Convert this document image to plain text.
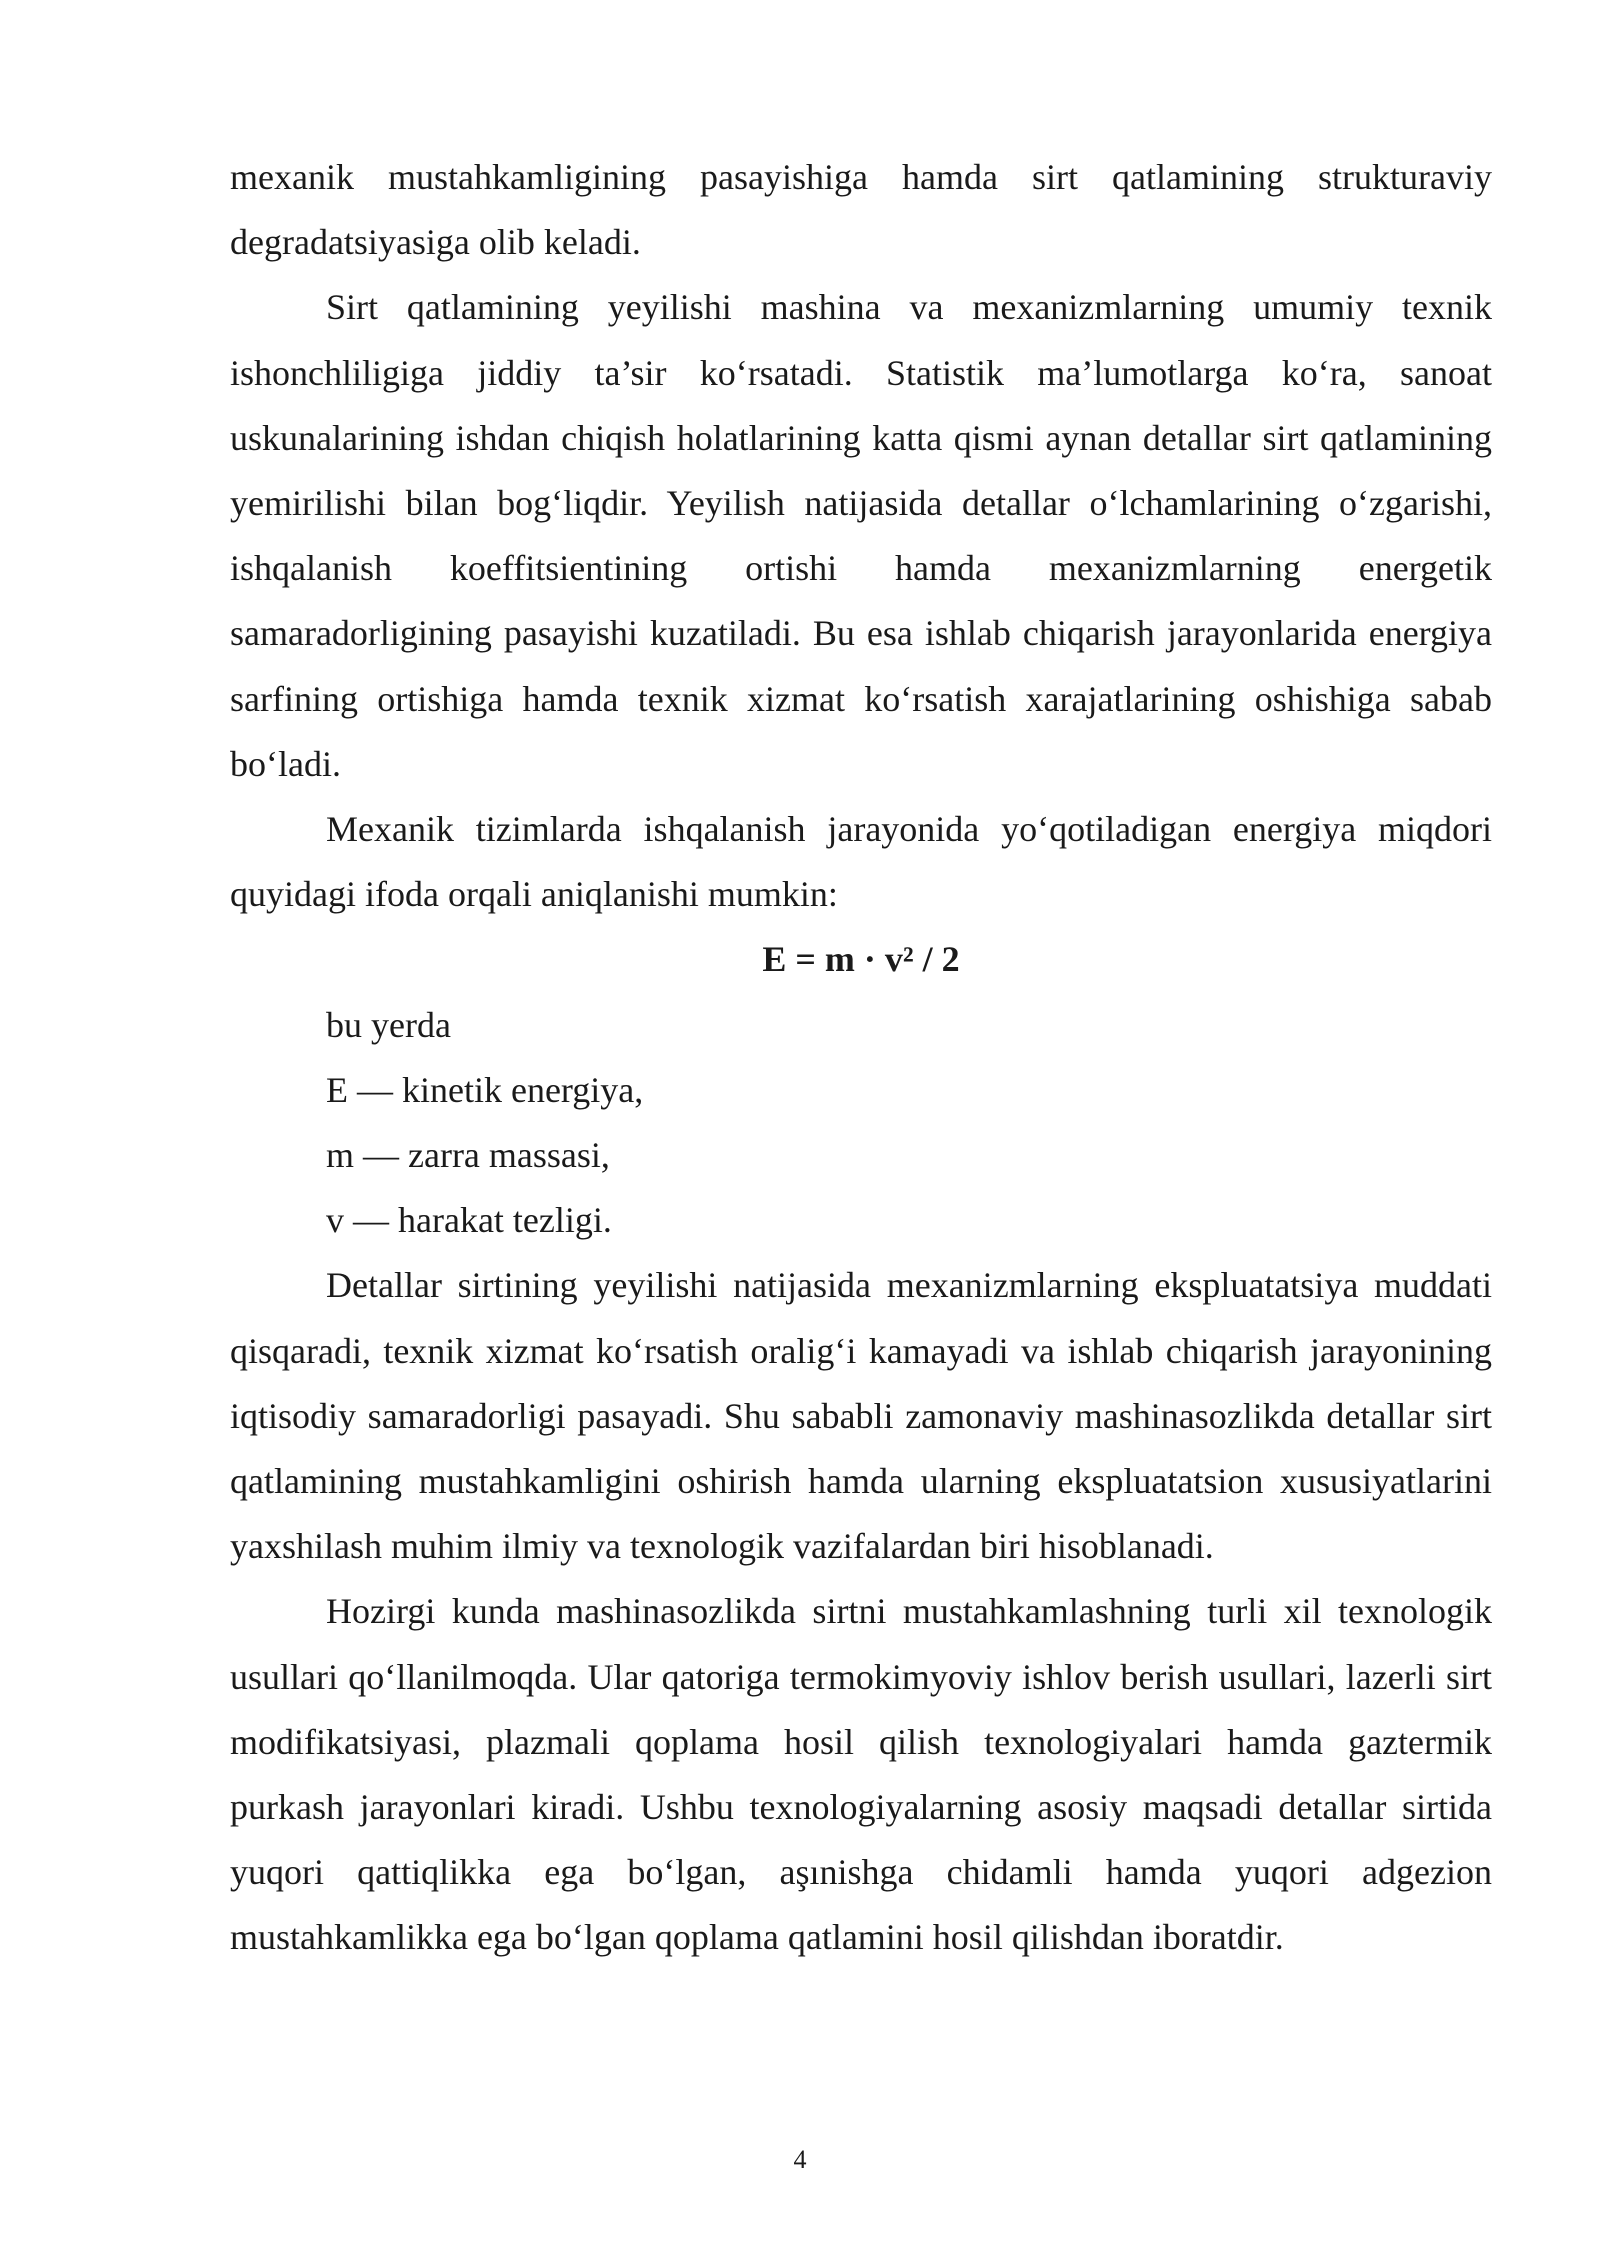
mexanik mustahkamligining pasayishiga hamda sirt qatlamining strukturaviy degradatsiyasiga olib keladi.

Sirt qatlamining yeyilishi mashina va mexanizmlarning umumiy texnik ishonchliligiga jiddiy ta’sir ko‘rsatadi. Statistik ma’lumotlarga ko‘ra, sanoat uskunalarining ishdan chiqish holatlarining katta qismi aynan detallar sirt qatlamining yemirilishi bilan bog‘liqdir. Yeyilish natijasida detallar o‘lchamlarining o‘zgarishi, ishqalanish koeffitsientining ortishi hamda mexanizmlarning energetik samaradorligining pasayishi kuzatiladi. Bu esa ishlab chiqarish jarayonlarida energiya sarfining ortishiga hamda texnik xizmat ko‘rsatish xarajatlarining oshishiga sabab bo‘ladi.

Mexanik tizimlarda ishqalanish jarayonida yo‘qotiladigan energiya miqdori quyidagi ifoda orqali aniqlanishi mumkin:

E = m · v² / 2

bu yerda

E — kinetik energiya,

m — zarra massasi,

v — harakat tezligi.

Detallar sirtining yeyilishi natijasida mexanizmlarning ekspluatatsiya muddati qisqaradi, texnik xizmat ko‘rsatish oralig‘i kamayadi va ishlab chiqarish jarayonining iqtisodiy samaradorligi pasayadi. Shu sababli zamonaviy mashinasozlikda detallar sirt qatlamining mustahkamligini oshirish hamda ularning ekspluatatsion xususiyatlarini yaxshilash muhim ilmiy va texnologik vazifalardan biri hisoblanadi.

Hozirgi kunda mashinasozlikda sirtni mustahkamlashning turli xil texnologik usullari qo‘llanilmoqda. Ular qatoriga termokimyoviy ishlov berish usullari, lazerli sirt modifikatsiyasi, plazmali qoplama hosil qilish texnologiyalari hamda gaztermik purkash jarayonlari kiradi. Ushbu texnologiyalarning asosiy maqsadi detallar sirtida yuqori qattiqlikka ega bo‘lgan, aşınishga chidamli hamda yuqori adgezion mustahkamlikka ega bo‘lgan qoplama qatlamini hosil qilishdan iboratdir.

4
